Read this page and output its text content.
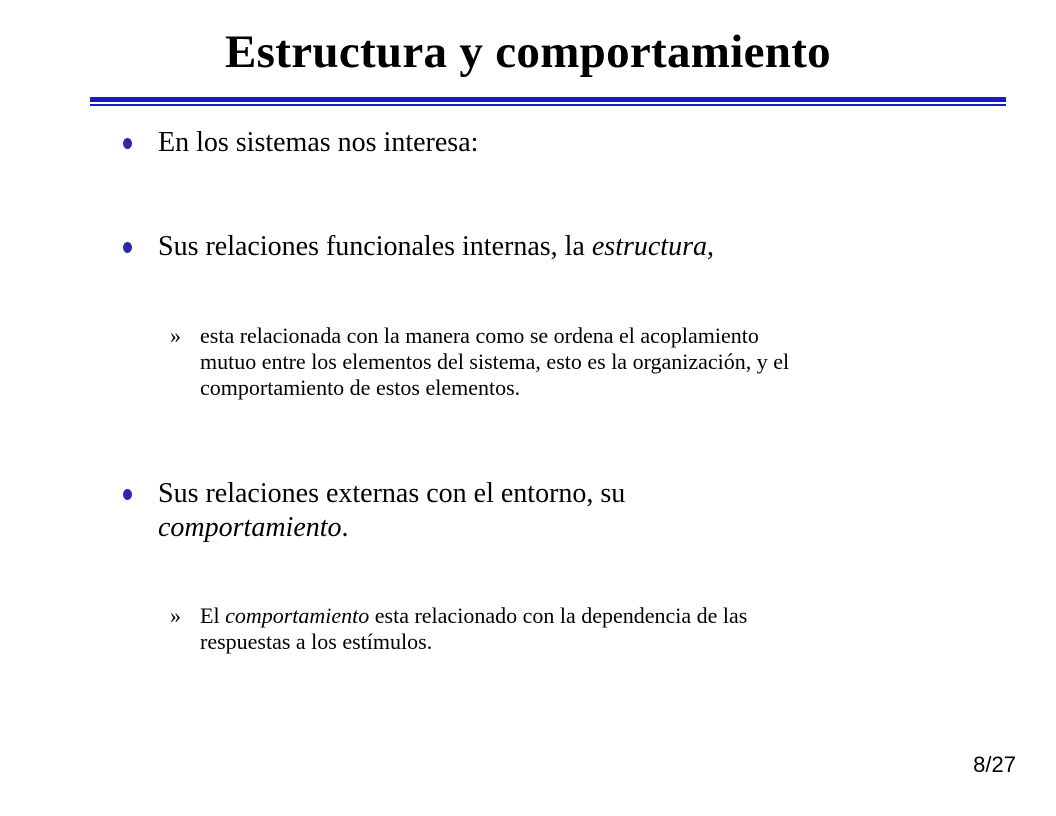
Estructura y comportamiento
En los sistemas nos interesa:
Sus relaciones funcionales internas, la estructura,
» esta relacionada con la manera como se ordena el acoplamiento
mutuo entre los elementos del sistema, esto es la organización, y el
comportamiento de estos elementos.
Sus relaciones externas con el entorno, su
comportamiento.
» El comportamiento esta relacionado con la dependencia de las
respuestas a los estímulos.
8/27
